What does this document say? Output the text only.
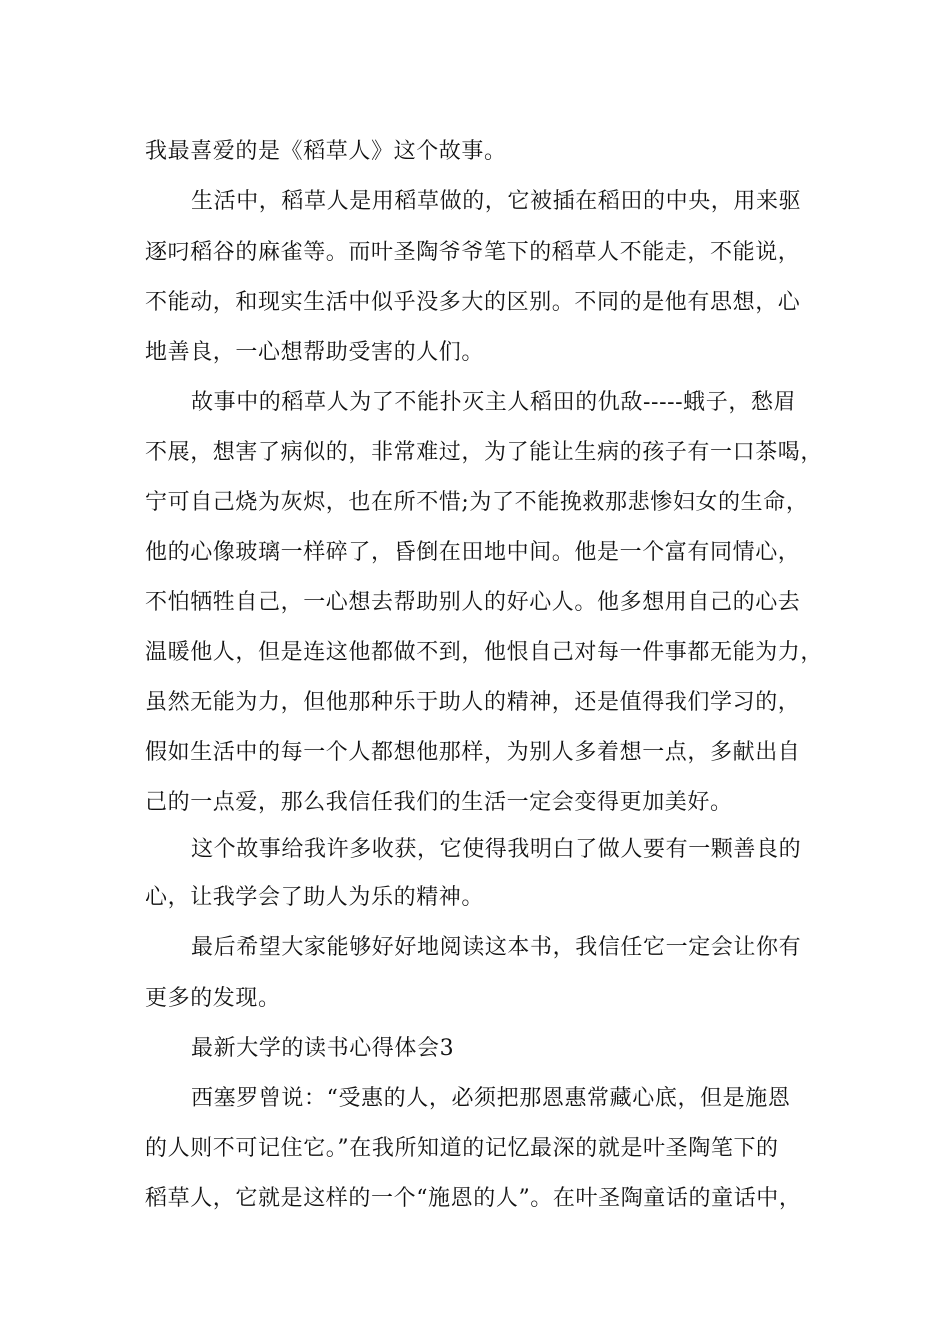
我最喜爱的是《稻草人》这个故事。
生活中，稻草人是用稻草做的，它被插在稻田的中央，用来驱
逐叼稻谷的麻雀等。而叶圣陶爷爷笔下的稻草人不能走，不能说，
不能动，和现实生活中似乎没多大的区别。不同的是他有思想，心
地善良，一心想帮助受害的人们。
故事中的稻草人为了不能扑灭主人稻田的仇敌-----蛾子，愁眉
不展，想害了病似的，非常难过，为了能让生病的孩子有一口茶喝，
宁可自己烧为灰烬，也在所不惜;为了不能挽救那悲惨妇女的生命，
他的心像玻璃一样碎了，昏倒在田地中间。他是一个富有同情心，
不怕牺牲自己，一心想去帮助别人的好心人。他多想用自己的心去
温暖他人，但是连这他都做不到，他恨自己对每一件事都无能为力，
虽然无能为力，但他那种乐于助人的精神，还是值得我们学习的，
假如生活中的每一个人都想他那样，为别人多着想一点，多献出自
己的一点爱，那么我信任我们的生活一定会变得更加美好。
这个故事给我许多收获，它使得我明白了做人要有一颗善良的
心，让我学会了助人为乐的精神。
最后希望大家能够好好地阅读这本书，我信任它一定会让你有
更多的发现。
最新大学的读书心得体会3
西塞罗曾说：“受惠的人，必须把那恩惠常藏心底，但是施恩
的人则不可记住它。”在我所知道的记忆最深的就是叶圣陶笔下的
稻草人，它就是这样的一个“施恩的人”。在叶圣陶童话的童话中，
